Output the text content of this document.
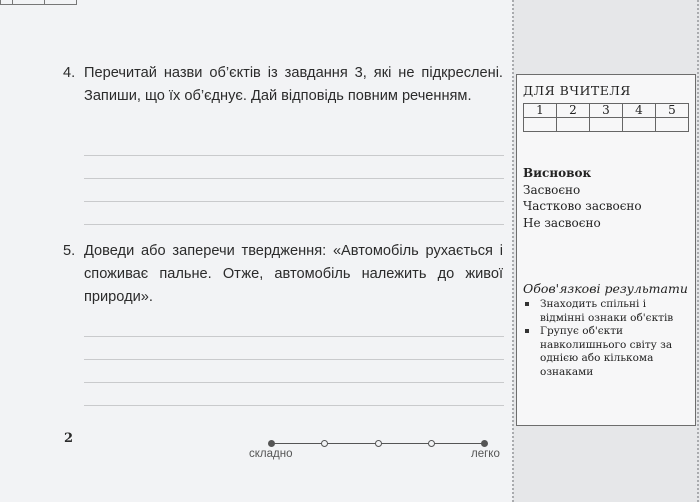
4. Перечитай назви об’єктів із завдання 3, які не підкреслені. Запиши, що їх об’єднує. Дай відповідь повним реченням.
5. Доведи або заперечи твердження: «Автомобіль рухається і споживає пальне. Отже, автомобіль належить до живої природи».
2
складно	легко
ДЛЯ ВЧИТЕЛЯ
1	2	3	4	5

Висновок
Засвоєно
Частково засвоєно
Не засвоєно
Обов'язкові результати
Знаходить спільні і відмінні ознаки об'єктів
Групує об'єкти навколишнього світу за однією або кількома ознаками
